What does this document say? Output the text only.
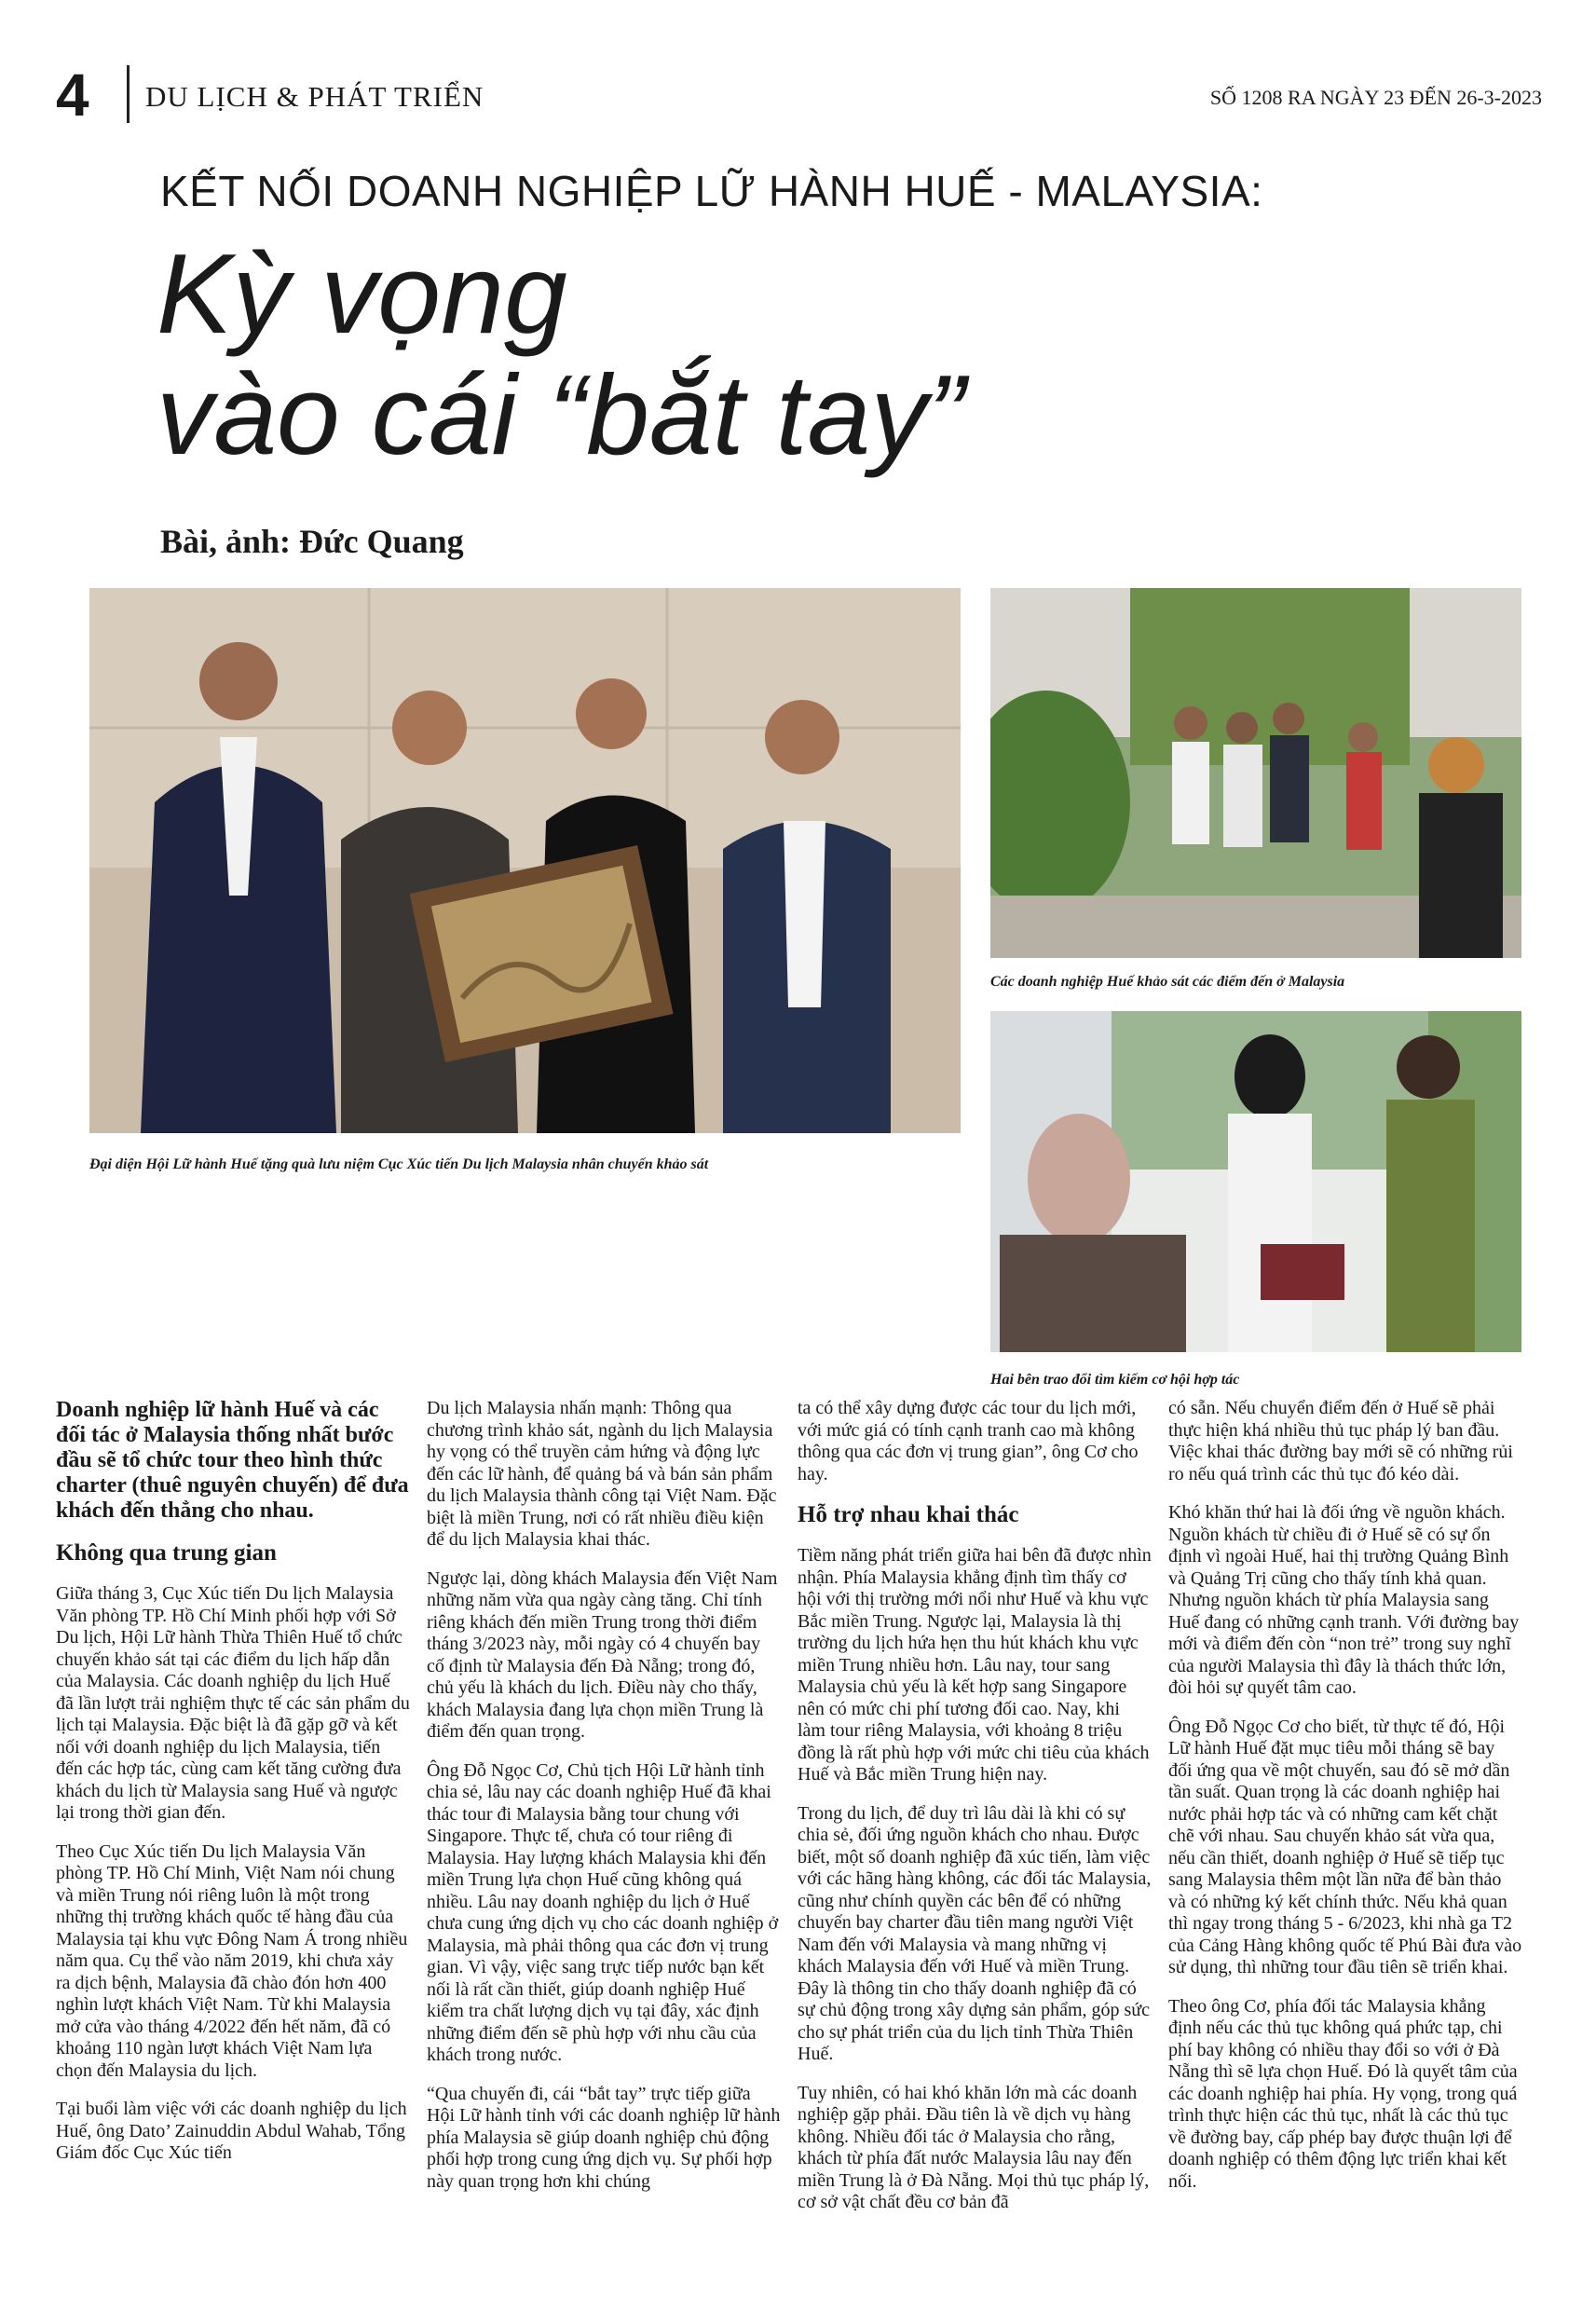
4 DU LỊCH & PHÁT TRIỂN	SỐ 1208 RA NGÀY 23 ĐẾN 26-3-2023
KẾT NỐI DOANH NGHIỆP LỮ HÀNH HUẾ - MALAYSIA:
Kỳ vọng
vào cái “bắt tay”
Bài, ảnh: Đức Quang
Đại diện Hội Lữ hành Huế tặng quà lưu niệm Cục Xúc tiến Du lịch Malaysia nhân chuyến khảo sát
Các doanh nghiệp Huế khảo sát các điểm đến ở Malaysia
Hai bên trao đổi tìm kiếm cơ hội hợp tác

Doanh nghiệp lữ hành Huế và các đối tác ở Malaysia thống nhất bước đầu sẽ tổ chức tour theo hình thức charter (thuê nguyên chuyến) để đưa khách đến thẳng cho nhau.

Không qua trung gian

Giữa tháng 3, Cục Xúc tiến Du lịch Malaysia Văn phòng TP. Hồ Chí Minh phối hợp với Sở Du lịch, Hội Lữ hành Thừa Thiên Huế tổ chức chuyến khảo sát tại các điểm du lịch hấp dẫn của Malaysia. Các doanh nghiệp du lịch Huế đã lần lượt trải nghiệm thực tế các sản phẩm du lịch tại Malaysia. Đặc biệt là đã gặp gỡ và kết nối với doanh nghiệp du lịch Malaysia, tiến đến các hợp tác, cùng cam kết tăng cường đưa khách du lịch từ Malaysia sang Huế và ngược lại trong thời gian đến.

Theo Cục Xúc tiến Du lịch Malaysia Văn phòng TP. Hồ Chí Minh, Việt Nam nói chung và miền Trung nói riêng luôn là một trong những thị trường khách quốc tế hàng đầu của Malaysia tại khu vực Đông Nam Á trong nhiều năm qua. Cụ thể vào năm 2019, khi chưa xảy ra dịch bệnh, Malaysia đã chào đón hơn 400 nghìn lượt khách Việt Nam. Từ khi Malaysia mở cửa vào tháng 4/2022 đến hết năm, đã có khoảng 110 ngàn lượt khách Việt Nam lựa chọn đến Malaysia du lịch.

Tại buổi làm việc với các doanh nghiệp du lịch Huế, ông Dato’ Zainuddin Abdul Wahab, Tổng Giám đốc Cục Xúc tiến

Du lịch Malaysia nhấn mạnh: Thông qua chương trình khảo sát, ngành du lịch Malaysia hy vọng có thể truyền cảm hứng và động lực đến các lữ hành, để quảng bá và bán sản phẩm du lịch Malaysia thành công tại Việt Nam. Đặc biệt là miền Trung, nơi có rất nhiều điều kiện để du lịch Malaysia khai thác.

Ngược lại, dòng khách Malaysia đến Việt Nam những năm vừa qua ngày càng tăng. Chỉ tính riêng khách đến miền Trung trong thời điểm tháng 3/2023 này, mỗi ngày có 4 chuyến bay cố định từ Malaysia đến Đà Nẵng; trong đó, chủ yếu là khách du lịch. Điều này cho thấy, khách Malaysia đang lựa chọn miền Trung là điểm đến quan trọng.

Ông Đỗ Ngọc Cơ, Chủ tịch Hội Lữ hành tỉnh chia sẻ, lâu nay các doanh nghiệp Huế đã khai thác tour đi Malaysia bằng tour chung với Singapore. Thực tế, chưa có tour riêng đi Malaysia. Hay lượng khách Malaysia khi đến miền Trung lựa chọn Huế cũng không quá nhiều. Lâu nay doanh nghiệp du lịch ở Huế chưa cung ứng dịch vụ cho các doanh nghiệp ở Malaysia, mà phải thông qua các đơn vị trung gian. Vì vậy, việc sang trực tiếp nước bạn kết nối là rất cần thiết, giúp doanh nghiệp Huế kiểm tra chất lượng dịch vụ tại đây, xác định những điểm đến sẽ phù hợp với nhu cầu của khách trong nước.

“Qua chuyến đi, cái “bắt tay” trực tiếp giữa Hội Lữ hành tỉnh với các doanh nghiệp lữ hành phía Malaysia sẽ giúp doanh nghiệp chủ động phối hợp trong cung ứng dịch vụ. Sự phối hợp này quan trọng hơn khi chúng

ta có thể xây dựng được các tour du lịch mới, với mức giá có tính cạnh tranh cao mà không thông qua các đơn vị trung gian”, ông Cơ cho hay.

Hỗ trợ nhau khai thác

Tiềm năng phát triển giữa hai bên đã được nhìn nhận. Phía Malaysia khẳng định tìm thấy cơ hội với thị trường mới nổi như Huế và khu vực Bắc miền Trung. Ngược lại, Malaysia là thị trường du lịch hứa hẹn thu hút khách khu vực miền Trung nhiều hơn. Lâu nay, tour sang Malaysia chủ yếu là kết hợp sang Singapore nên có mức chi phí tương đối cao. Nay, khi làm tour riêng Malaysia, với khoảng 8 triệu đồng là rất phù hợp với mức chi tiêu của khách Huế và Bắc miền Trung hiện nay.

Trong du lịch, để duy trì lâu dài là khi có sự chia sẻ, đối ứng nguồn khách cho nhau. Được biết, một số doanh nghiệp đã xúc tiến, làm việc với các hãng hàng không, các đối tác Malaysia, cũng như chính quyền các bên để có những chuyến bay charter đầu tiên mang người Việt Nam đến với Malaysia và mang những vị khách Malaysia đến với Huế và miền Trung. Đây là thông tin cho thấy doanh nghiệp đã có sự chủ động trong xây dựng sản phẩm, góp sức cho sự phát triển của du lịch tỉnh Thừa Thiên Huế.

Tuy nhiên, có hai khó khăn lớn mà các doanh nghiệp gặp phải. Đầu tiên là về dịch vụ hàng không. Nhiều đối tác ở Malaysia cho rằng, khách từ phía đất nước Malaysia lâu nay đến miền Trung là ở Đà Nẵng. Mọi thủ tục pháp lý, cơ sở vật chất đều cơ bản đã

có sẵn. Nếu chuyển điểm đến ở Huế sẽ phải thực hiện khá nhiều thủ tục pháp lý ban đầu. Việc khai thác đường bay mới sẽ có những rủi ro nếu quá trình các thủ tục đó kéo dài.

Khó khăn thứ hai là đối ứng về nguồn khách. Nguồn khách từ chiều đi ở Huế sẽ có sự ổn định vì ngoài Huế, hai thị trường Quảng Bình và Quảng Trị cũng cho thấy tính khả quan. Nhưng nguồn khách từ phía Malaysia sang Huế đang có những cạnh tranh. Với đường bay mới và điểm đến còn “non trẻ” trong suy nghĩ của người Malaysia thì đây là thách thức lớn, đòi hỏi sự quyết tâm cao.

Ông Đỗ Ngọc Cơ cho biết, từ thực tế đó, Hội Lữ hành Huế đặt mục tiêu mỗi tháng sẽ bay đối ứng qua về một chuyến, sau đó sẽ mở dần tần suất. Quan trọng là các doanh nghiệp hai nước phải hợp tác và có những cam kết chặt chẽ với nhau. Sau chuyến khảo sát vừa qua, nếu cần thiết, doanh nghiệp ở Huế sẽ tiếp tục sang Malaysia thêm một lần nữa để bàn thảo và có những ký kết chính thức. Nếu khả quan thì ngay trong tháng 5 - 6/2023, khi nhà ga T2 của Cảng Hàng không quốc tế Phú Bài đưa vào sử dụng, thì những tour đầu tiên sẽ triển khai.

Theo ông Cơ, phía đối tác Malaysia khẳng định nếu các thủ tục không quá phức tạp, chi phí bay không có nhiều thay đổi so với ở Đà Nẵng thì sẽ lựa chọn Huế. Đó là quyết tâm của các doanh nghiệp hai phía. Hy vọng, trong quá trình thực hiện các thủ tục, nhất là các thủ tục về đường bay, cấp phép bay được thuận lợi để doanh nghiệp có thêm động lực triển khai kết nối.
